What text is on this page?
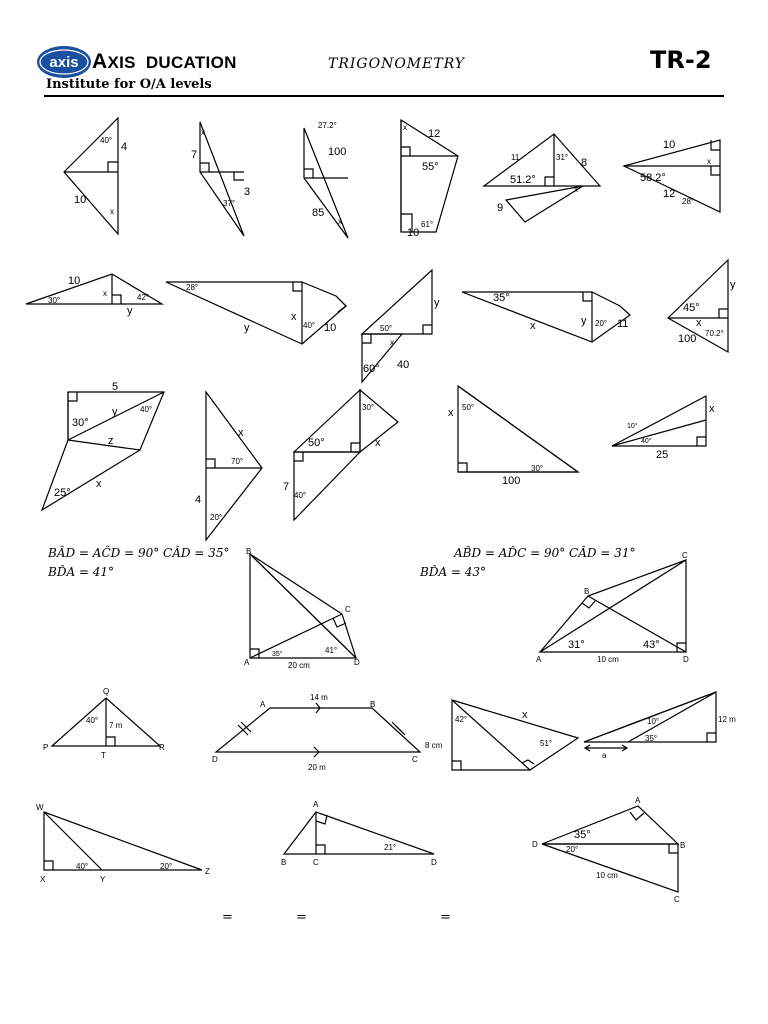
axis AXIS DUCATION
Institute for O/A levels
TRIGONOMETRY	TR-2
40°
4
10
x
x
7
3
37°
27.2°
100
85
x
x
12
55°
10
61°
11	31° 8
51.2°
9
x
10
58.2°
x
12
28°
10
30°
x	42°
y
28°
x
y	40° 10
y
50°
x
60° 40
35°
x	y 20° 11
45°
y
x
70.2°
100
5
30°
y	40°
z
25°
x
x
70°
4
20°
30°
50°	x
7
40°
x 50°
30°
100
10°
40°
x
25
B
C
A	D
35°	41°
20 cm
C
B
A	D
31°	43°
10 cm
Q
40°
7 m
P
T
R
A	B
14 m
8 cm
D	C
20 m
42°	x
51°
10°
35°
12 m
a
W
X	Y
Z
40°	20°
A
B	C	D
21°
A
D	B
C
35°
20°
10 cm
BÂD = AĈD = 90° CÂD = 35°
BD̂A = 41°
AB̂D = AD̂C = 90° CÂD = 31°
BD̂A = 43°
=	=	=
